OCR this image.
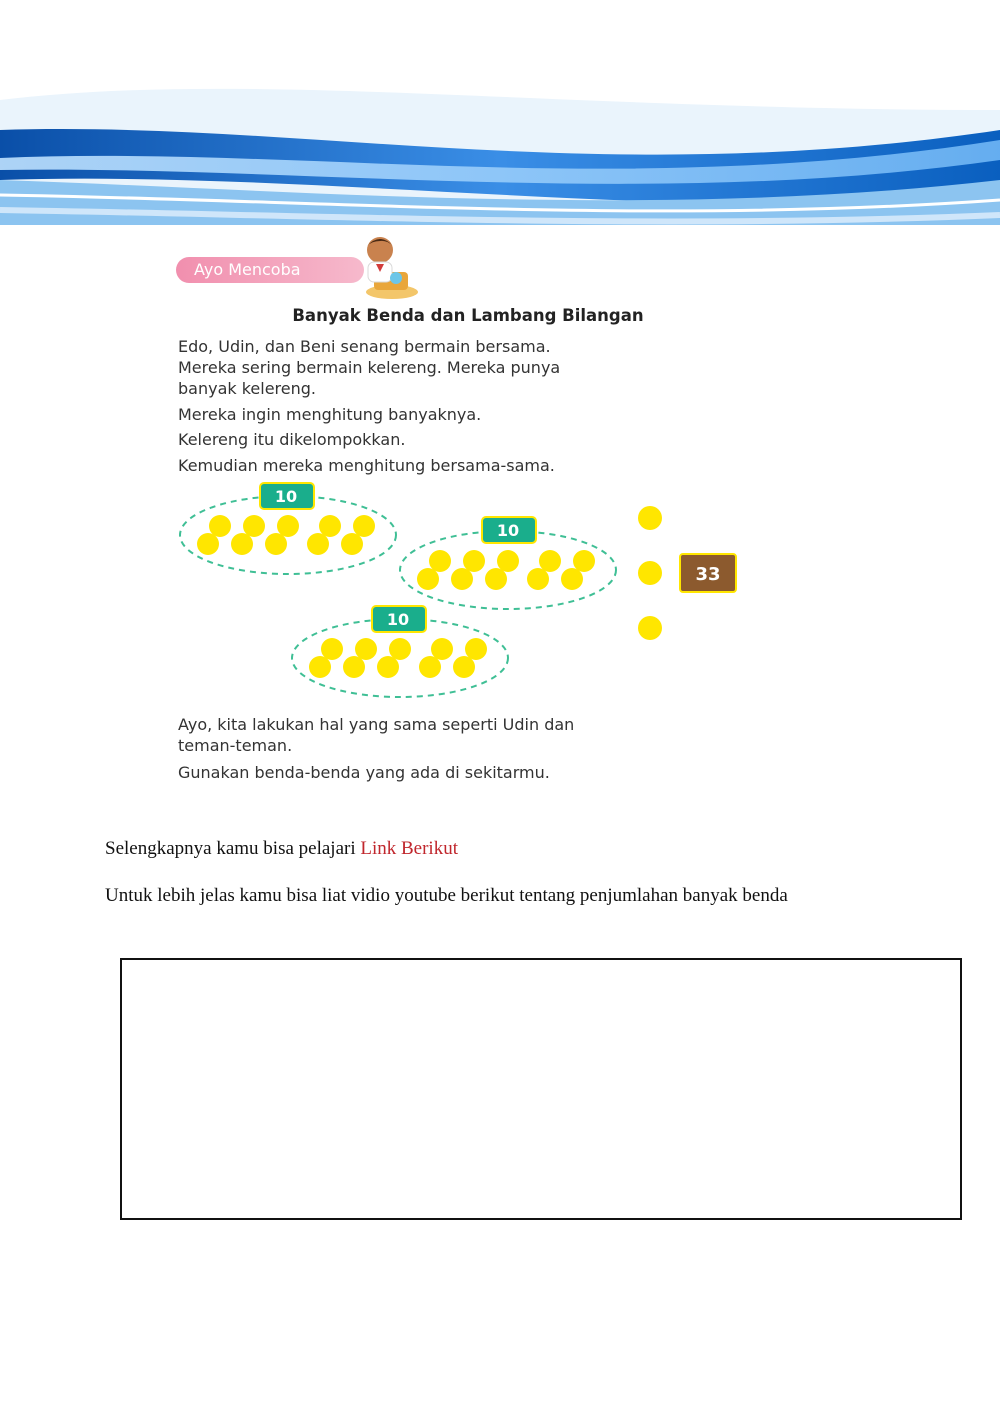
Ayo Mencoba
Banyak Benda dan Lambang Bilangan
Edo, Udin, dan Beni senang bermain bersama.
Mereka sering bermain kelereng. Mereka punya
banyak kelereng.
Mereka ingin menghitung banyaknya.
Kelereng itu dikelompokkan.
Kemudian mereka menghitung bersama-sama.
10
10
10
33
Ayo, kita lakukan hal yang sama seperti Udin dan
teman-teman.
Gunakan benda-benda yang ada di sekitarmu.
Selengkapnya kamu bisa pelajari Link Berikut
Untuk lebih jelas kamu bisa liat vidio youtube berikut tentang penjumlahan banyak benda
